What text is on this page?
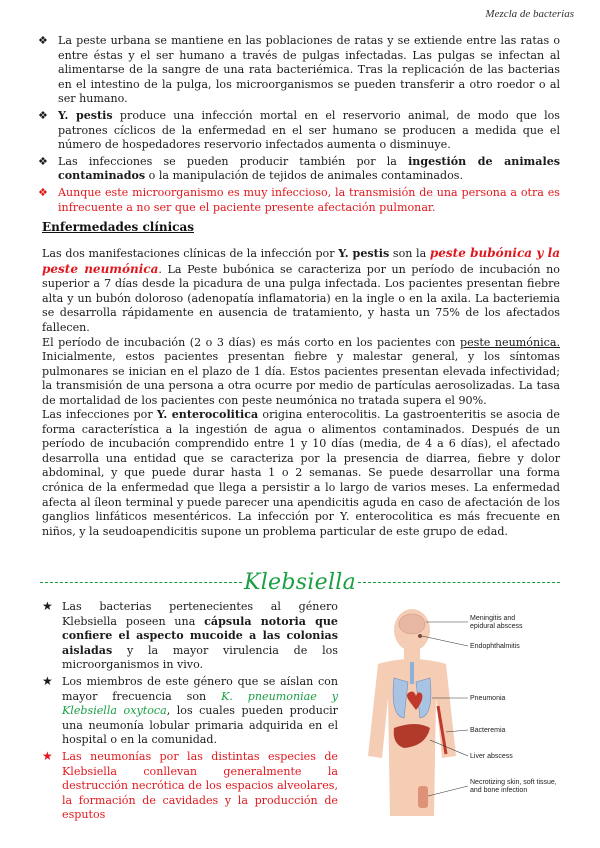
Mezcla de bacterias
❖ La peste urbana se mantiene en las poblaciones de ratas y se extiende entre las ratas o entre éstas y el ser humano a través de pulgas infectadas. Las pulgas se infectan al alimentarse de la sangre de una rata bacteriémica. Tras la replicación de las bacterias en el intestino de la pulga, los microorganismos se pueden transferir a otro roedor o al ser humano.
❖ Y. pestis produce una infección mortal en el reservorio animal, de modo que los patrones cíclicos de la enfermedad en el ser humano se producen a medida que el número de hospedadores reservorio infectados aumenta o disminuye.
❖ Las infecciones se pueden producir también por la ingestión de animales contaminados o la manipulación de tejidos de animales contaminados.
❖ Aunque este microorganismo es muy infeccioso, la transmisión de una persona a otra es infrecuente a no ser que el paciente presente afectación pulmonar.
Enfermedades clínicas

Las dos manifestaciones clínicas de la infección por Y. pestis son la peste bubónica y la peste neumónica. La Peste bubónica se caracteriza por un período de incubación no superior a 7 días desde la picadura de una pulga infectada. Los pacientes presentan fiebre alta y un bubón doloroso (adenopatía inflamatoria) en la ingle o en la axila. La bacteriemia se desarrolla rápidamente en ausencia de tratamiento, y hasta un 75% de los afectados fallecen.
El período de incubación (2 o 3 días) es más corto en los pacientes con peste neumónica. Inicialmente, estos pacientes presentan fiebre y malestar general, y los síntomas pulmonares se inician en el plazo de 1 día. Estos pacientes presentan elevada infectividad; la transmisión de una persona a otra ocurre por medio de partículas aerosolizadas. La tasa de mortalidad de los pacientes con peste neumónica no tratada supera el 90%.

Las infecciones por Y. enterocolitica origina enterocolitis. La gastroenteritis se asocia de forma característica a la ingestión de agua o alimentos contaminados. Después de un período de incubación comprendido entre 1 y 10 días (media, de 4 a 6 días), el afectado desarrolla una entidad que se caracteriza por la presencia de diarrea, fiebre y dolor abdominal, y que puede durar hasta 1 o 2 semanas. Se puede desarrollar una forma crónica de la enfermedad que llega a persistir a lo largo de varios meses. La enfermedad afecta al íleon terminal y puede parecer una apendicitis aguda en caso de afectación de los ganglios linfáticos mesentéricos. La infección por Y. enterocolitica es más frecuente en niños, y la seudoapendicitis supone un problema particular de este grupo de edad.

Klebsiella
★ Las bacterias pertenecientes al género Klebsiella poseen una cápsula notoria que confiere el aspecto mucoide a las colonias aisladas y la mayor virulencia de los microorganismos in vivo.
★ Los miembros de este género que se aíslan con mayor frecuencia son K. pneumoniae y Klebsiella oxytoca, los cuales pueden producir una neumonía lobular primaria adquirida en el hospital o en la comunidad.
★ Las neumonías por las distintas especies de Klebsiella conllevan generalmente la destrucción necrótica de los espacios alveolares, la formación de cavidades y la producción de esputos
Meningitis and
epidural abscess
Endophthalmitis
Pneumonia
Bacteremia
Liver abscess
Necrotizing skin, soft tissue,
and bone infection
